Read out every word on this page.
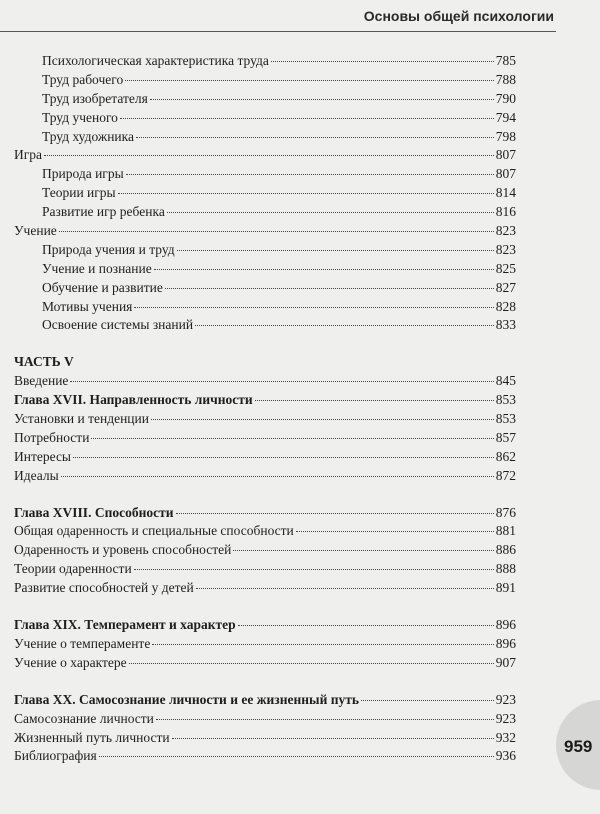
Основы общей психологии
Психологическая характеристика труда	785
Труд рабочего	788
Труд изобретателя	790
Труд ученого	794
Труд художника	798
Игра	807
Природа игры	807
Теории игры	814
Развитие игр ребенка	816
Учение	823
Природа учения и труд	823
Учение и познание	825
Обучение и развитие	827
Мотивы учения	828
Освоение системы знаний	833
ЧАСТЬ V
Введение	845
Глава XVII. Направленность личности	853
Установки и тенденции	853
Потребности	857
Интересы	862
Идеалы	872
Глава XVIII. Способности	876
Общая одаренность и специальные способности	881
Одаренность и уровень способностей	886
Теории одаренности	888
Развитие способностей у детей	891
Глава XIX. Темперамент и характер	896
Учение о темпераменте	896
Учение о характере	907
Глава XX. Самосознание личности и ее жизненный путь	923
Самосознание личности	923
Жизненный путь личности	932
Библиография	936	959
